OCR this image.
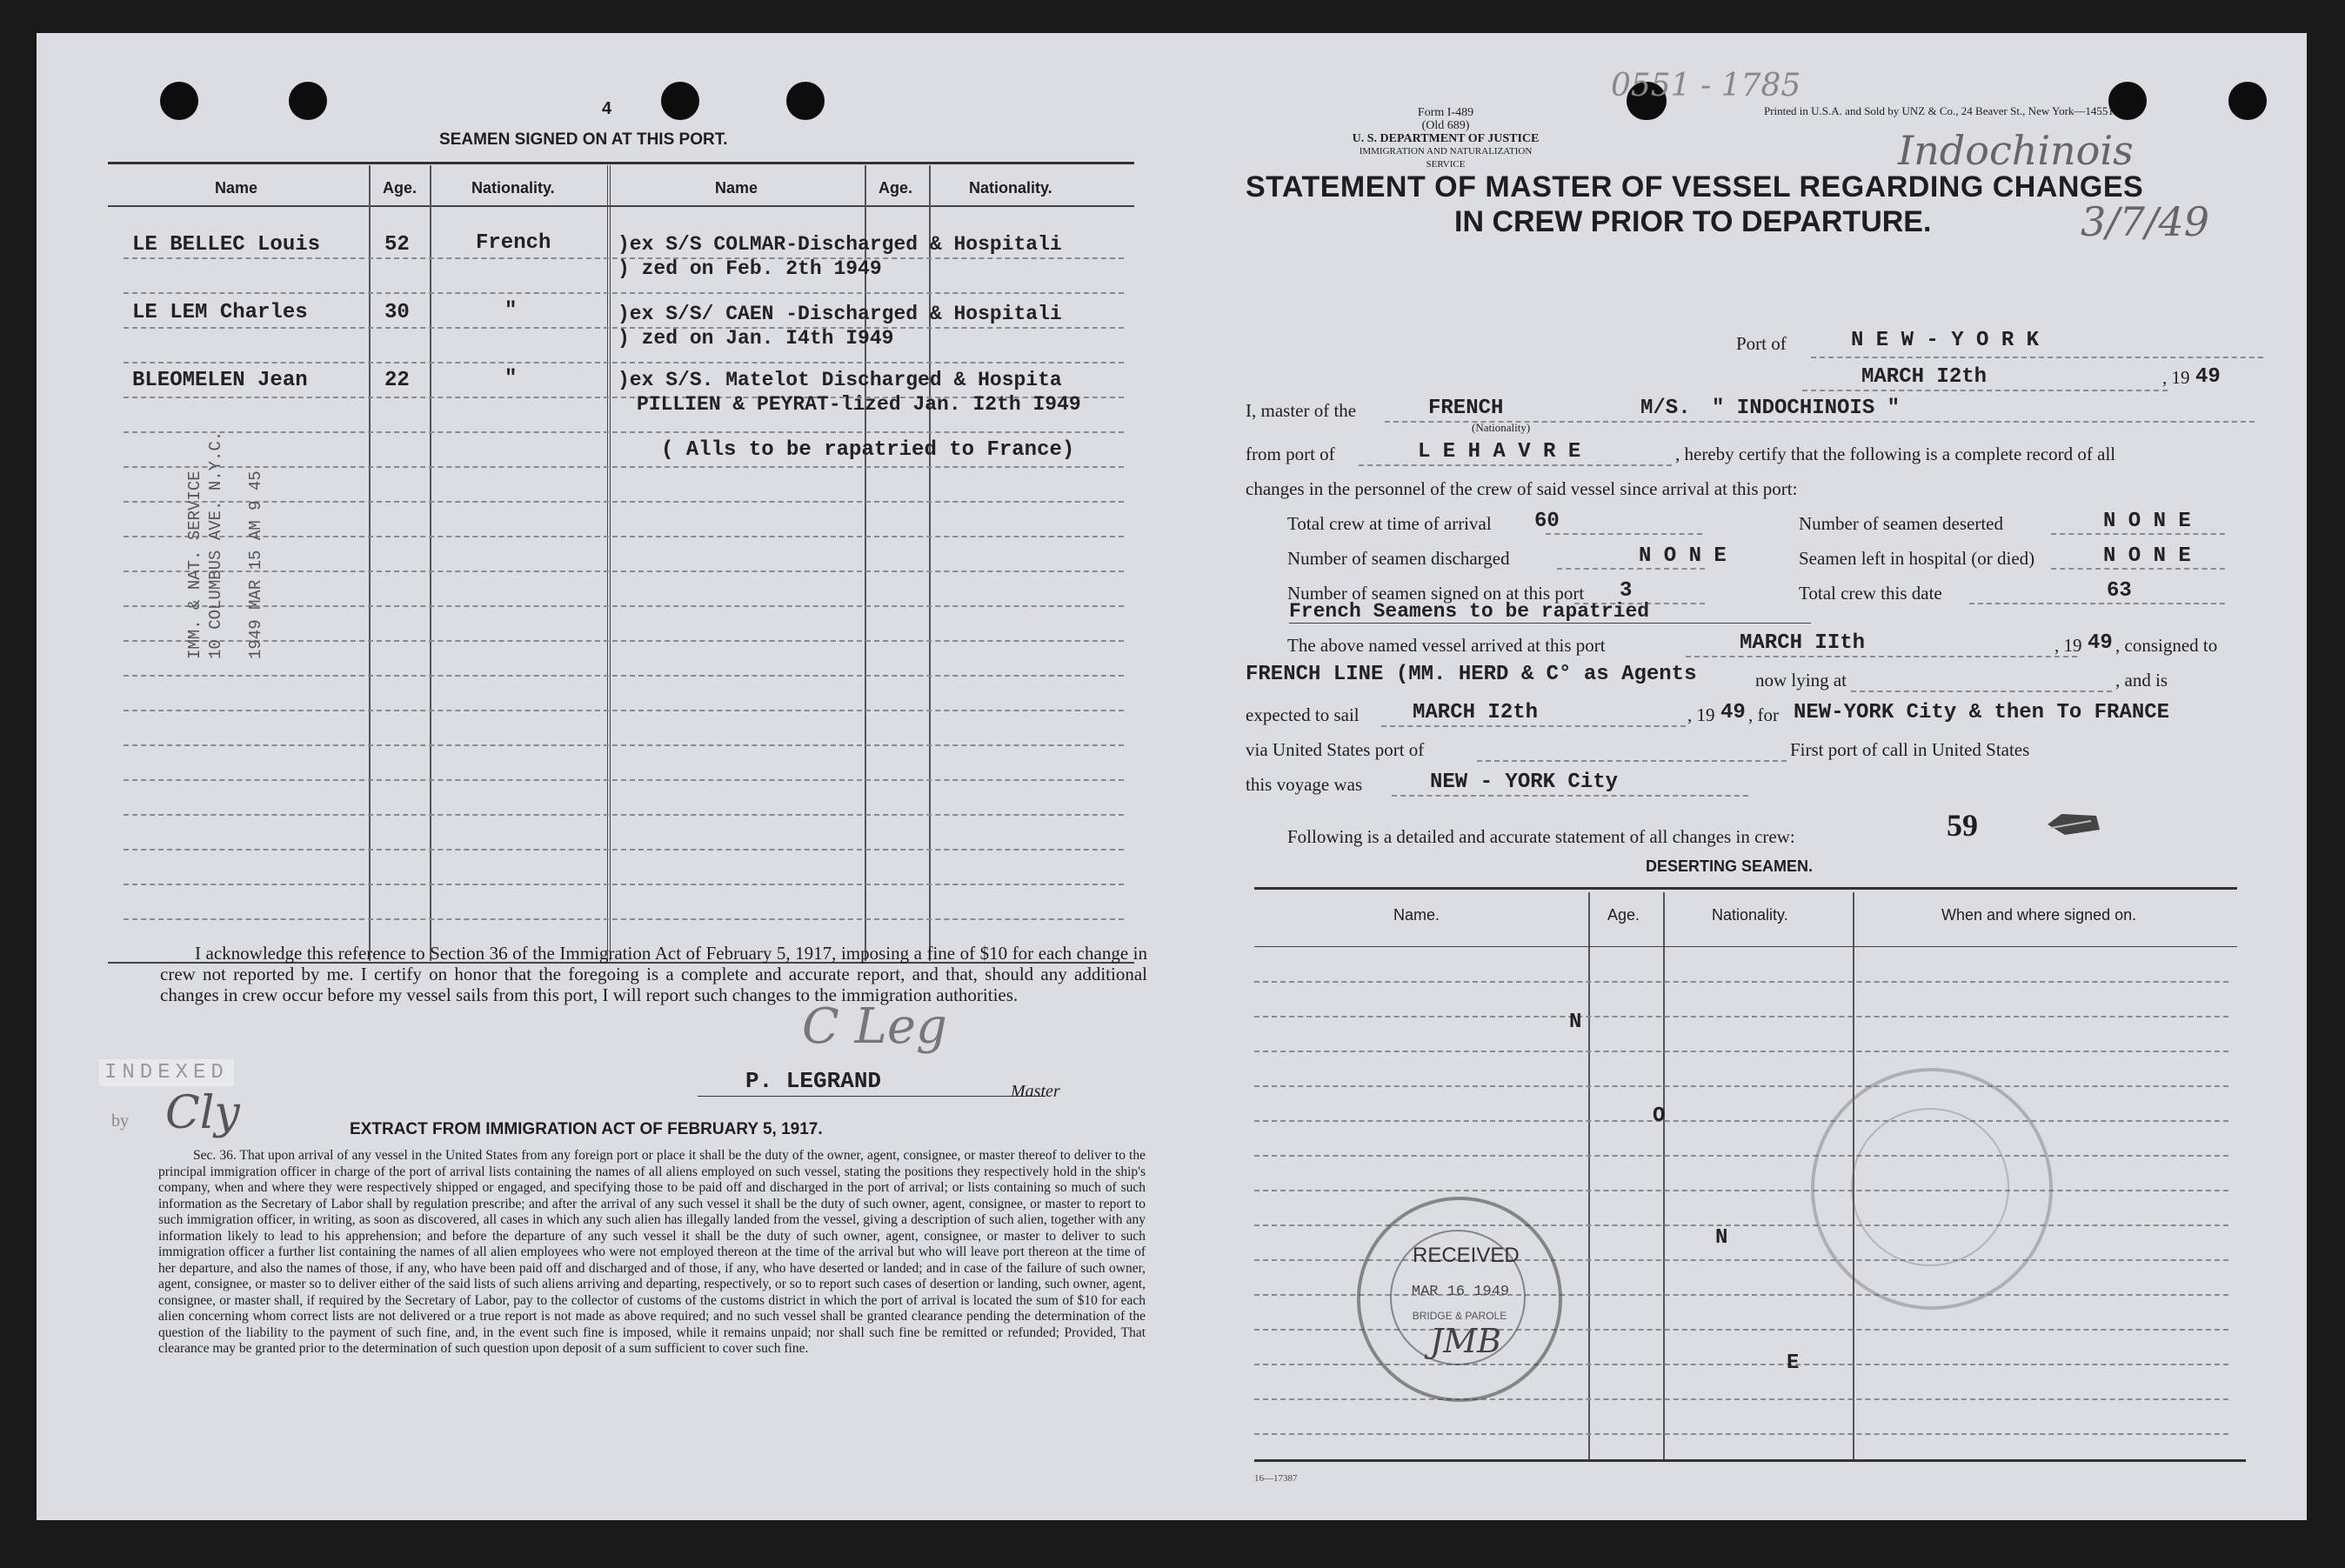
4
SEAMEN SIGNED ON AT THIS PORT.
Name	Age.	Nationality.	Name	Age.	Nationality.
LE BELLEC Louis	52	French	)ex S/S COLMAR-Discharged & Hospitali
) zed on Feb. 2th 1949
LE LEM Charles	30	"	)ex S/S/ CAEN -Discharged & Hospitali
) zed on Jan. I4th I949
BLEOMELEN Jean	22	"	)ex S/S. Matelot Discharged & Hospita
PILLIEN & PEYRAT-lized Jan. I2th I949
( Alls to be rapatried to France)
IMM. & NAT. SERVICE 10 COLUMBUS AVE. N.Y.C. 1949 MAR 15 AM 9 45
I acknowledge this reference to Section 36 of the Immigration Act of February 5, 1917, imposing a fine of $10 for each change in crew not reported by me. I certify on honor that the foregoing is a complete and accurate report, and that, should any additional changes in crew occur before my vessel sails from this port, I will report such changes to the immigration authorities.
INDEXED
by Cly
C Leg
P. LEGRAND	Master
EXTRACT FROM IMMIGRATION ACT OF FEBRUARY 5, 1917.
Sec. 36. That upon arrival of any vessel in the United States from any foreign port or place it shall be the duty of the owner, agent, consignee, or master thereof to deliver to the principal immigration officer in charge of the port of arrival lists containing the names of all aliens employed on such vessel, stating the positions they respectively hold in the ship's company, when and where they were respectively shipped or engaged, and specifying those to be paid off and discharged in the port of arrival; or lists containing so much of such information as the Secretary of Labor shall by regulation prescribe; and after the arrival of any such vessel it shall be the duty of such owner, agent, consignee, or master to report to such immigration officer, in writing, as soon as discovered, all cases in which any such alien has illegally landed from the vessel, giving a description of such alien, together with any information likely to lead to his apprehension; and before the departure of any such vessel it shall be the duty of such owner, agent, consignee, or master to deliver to such immigration officer a further list containing the names of all alien employees who were not employed thereon at the time of the arrival but who will leave port thereon at the time of her departure, and also the names of those, if any, who have been paid off and discharged and of those, if any, who have deserted or landed; and in case of the failure of such owner, agent, consignee, or master so to deliver either of the said lists of such aliens arriving and departing, respectively, or so to report such cases of desertion or landing, such owner, agent, consignee, or master shall, if required by the Secretary of Labor, pay to the collector of customs of the customs district in which the port of arrival is located the sum of $10 for each alien concerning whom correct lists are not delivered or a true report is not made as above required; and no such vessel shall be granted clearance pending the determination of the question of the liability to the payment of such fine, and, in the event such fine is imposed, while it remains unpaid; nor shall such fine be remitted or refunded; Provided, That clearance may be granted prior to the determination of such question upon deposit of a sum sufficient to cover such fine.
0551 - 1785
Form I-489
(Old 689)
U. S. DEPARTMENT OF JUSTICE
IMMIGRATION AND NATURALIZATION SERVICE
Printed in U.S.A. and Sold by UNZ & Co., 24 Beaver St., New York—14551
Indochinois
3/7/49
STATEMENT OF MASTER OF VESSEL REGARDING CHANGES
IN CREW PRIOR TO DEPARTURE.
Port of	N E W - Y O R K
MARCH I2th	, 19 49
I, master of the	FRENCH
(Nationality)
M/S. " INDOCHINOIS "
from port of	L E H A V R E	, hereby certify that the following is a complete record of all
changes in the personnel of the crew of said vessel since arrival at this port:
Total crew at time of arrival 60	Number of seamen deserted	N O N E
Number of seamen discharged	N O N E	Seamen left in hospital (or died)	N O N E
Number of seamen signed on at this port 3	Total crew this date	63
French Seamens to be rapatried
The above named vessel arrived at this port	MARCH IIth	, 19 49 , consigned to
FRENCH LINE (MM. HERD & C° as Agents	now lying at	, and is
expected to sail	MARCH I2th	, 19 49 , for NEW-YORK City & then To FRANCE
via United States port of	First port of call in United States
this voyage was	NEW - YORK City
Following is a detailed and accurate statement of all changes in crew:	59
DESERTING SEAMEN.
Name.	Age.	Nationality.	When and where signed on.
N
O
N
E
RECEIVED
MAR 16 1949
BRIDGE & PAROLE
JMB
16—17387
